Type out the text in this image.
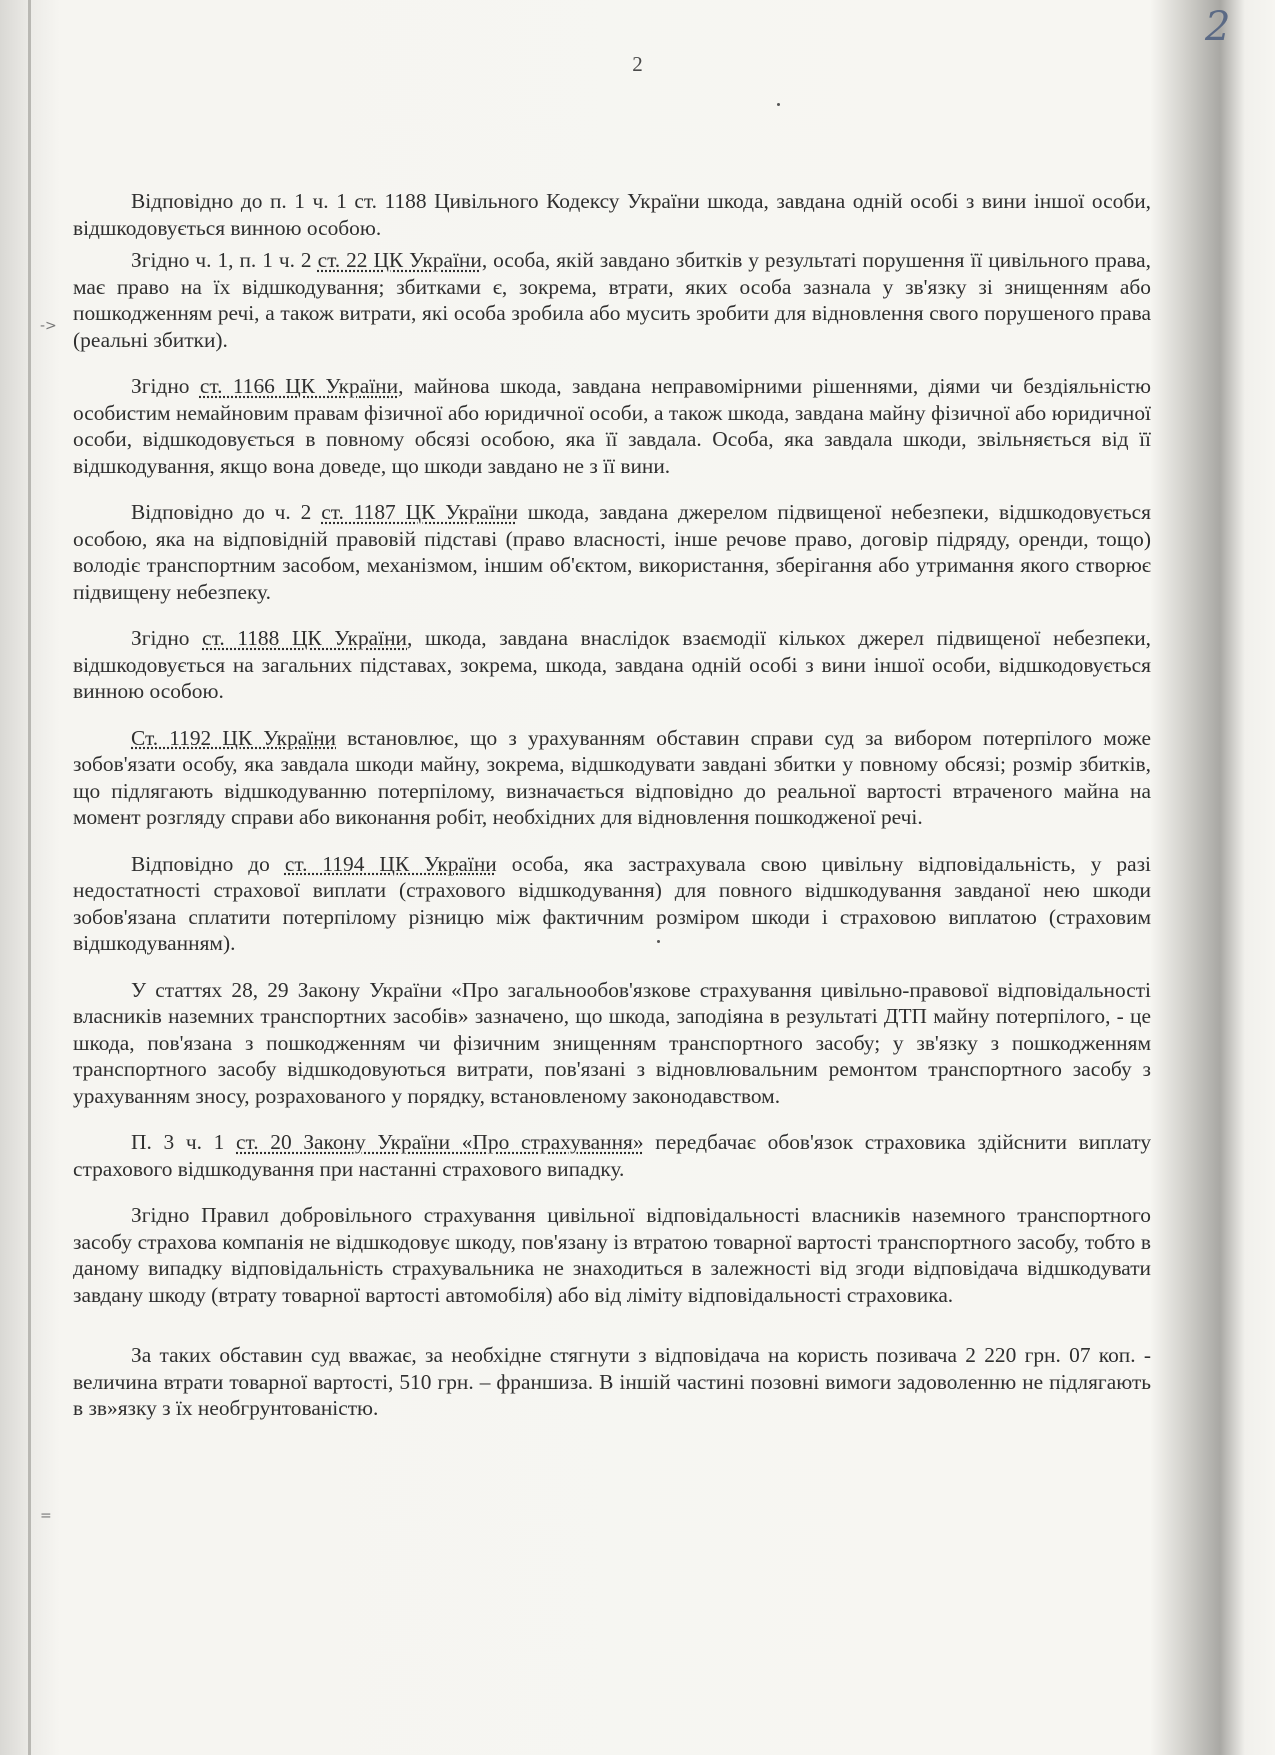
->
=
2
2

Відповідно до п. 1 ч. 1 ст. 1188 Цивільного Кодексу України шкода, завдана одній особі з вини іншої особи, відшкодовується винною особою.

Згідно ч. 1, п. 1 ч. 2 ст. 22 ЦК України, особа, якій завдано збитків у результаті порушення її цивільного права, має право на їх відшкодування; збитками є, зокрема, втрати, яких особа зазнала у зв'язку зі знищенням або пошкодженням речі, а також витрати, які особа зробила або мусить зробити для відновлення свого порушеного права (реальні збитки).

Згідно ст. 1166 ЦК України, майнова шкода, завдана неправомірними рішеннями, діями чи бездіяльністю особистим немайновим правам фізичної або юридичної особи, а також шкода, завдана майну фізичної або юридичної особи, відшкодовується в повному обсязі особою, яка її завдала. Особа, яка завдала шкоди, звільняється від її відшкодування, якщо вона доведе, що шкоди завдано не з її вини.

Відповідно до ч. 2 ст. 1187 ЦК України шкода, завдана джерелом підвищеної небезпеки, відшкодовується особою, яка на відповідній правовій підставі (право власності, інше речове право, договір підряду, оренди, тощо) володіє транспортним засобом, механізмом, іншим об'єктом, використання, зберігання або утримання якого створює підвищену небезпеку.

Згідно ст. 1188 ЦК України, шкода, завдана внаслідок взаємодії кількох джерел підвищеної небезпеки, відшкодовується на загальних підставах, зокрема, шкода, завдана одній особі з вини іншої особи, відшкодовується винною особою.

Ст. 1192 ЦК України встановлює, що з урахуванням обставин справи суд за вибором потерпілого може зобов'язати особу, яка завдала шкоди майну, зокрема, відшкодувати завдані збитки у повному обсязі; розмір збитків, що підлягають відшкодуванню потерпілому, визначається відповідно до реальної вартості втраченого майна на момент розгляду справи або виконання робіт, необхідних для відновлення пошкодженої речі.

Відповідно до ст. 1194 ЦК України особа, яка застрахувала свою цивільну відповідальність, у разі недостатності страхової виплати (страхового відшкодування) для повного відшкодування завданої нею шкоди зобов'язана сплатити потерпілому різницю між фактичним розміром шкоди і страховою виплатою (страховим відшкодуванням).

У статтях 28, 29 Закону України «Про загальнообов'язкове страхування цивільно-правової відповідальності власників наземних транспортних засобів» зазначено, що шкода, заподіяна в результаті ДТП майну потерпілого, - це шкода, пов'язана з пошкодженням чи фізичним знищенням транспортного засобу; у зв'язку з пошкодженням транспортного засобу відшкодовуються витрати, пов'язані з відновлювальним ремонтом транспортного засобу з урахуванням зносу, розрахованого у порядку, встановленому законодавством.

П. 3 ч. 1 ст. 20 Закону України «Про страхування» передбачає обов'язок страховика здійснити виплату страхового відшкодування при настанні страхового випадку.

Згідно Правил добровільного страхування цивільної відповідальності власників наземного транспортного засобу страхова компанія не відшкодовує шкоду, пов'язану із втратою товарної вартості транспортного засобу, тобто в даному випадку відповідальність страхувальника не знаходиться в залежності від згоди відповідача відшкодувати завдану шкоду (втрату товарної вартості автомобіля) або від ліміту відповідальності страховика.

За таких обставин суд вважає, за необхідне стягнути з відповідача на користь позивача 2 220 грн. 07 коп. - величина втрати товарної вартості, 510 грн. – франшиза. В іншій частині позовні вимоги задоволенню не підлягають в зв»язку з їх необгрунтованістю.
